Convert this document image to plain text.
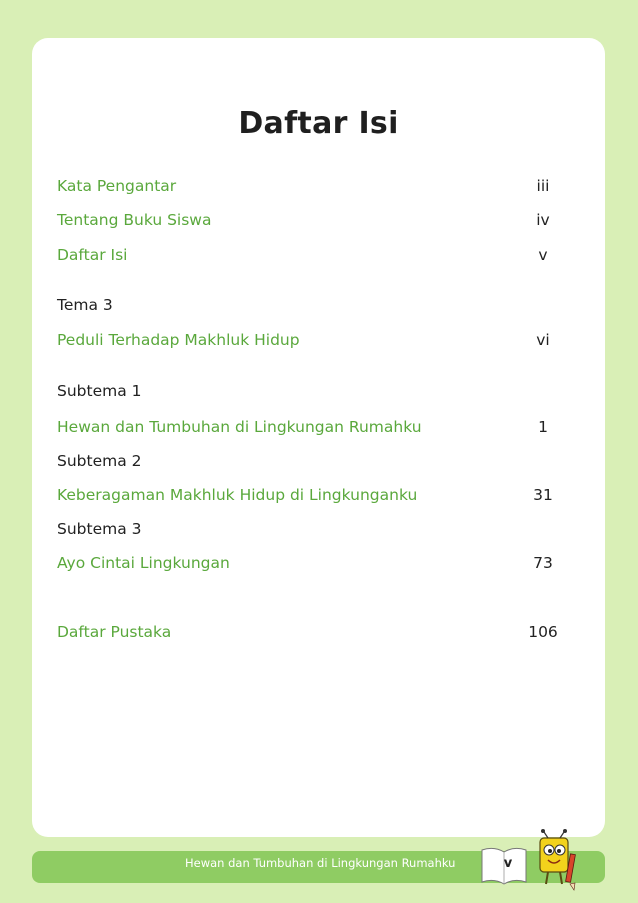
Daftar Isi
Kata Pengantar	iii
Tentang Buku Siswa	iv
Daftar Isi	v
Tema 3
Peduli Terhadap Makhluk Hidup	vi
Subtema 1
Hewan dan Tumbuhan di Lingkungan Rumahku	1
Subtema 2
Keberagaman Makhluk Hidup di Lingkunganku	31
Subtema 3
Ayo Cintai Lingkungan	73
Daftar Pustaka	106
Hewan dan Tumbuhan di Lingkungan Rumahku	v
